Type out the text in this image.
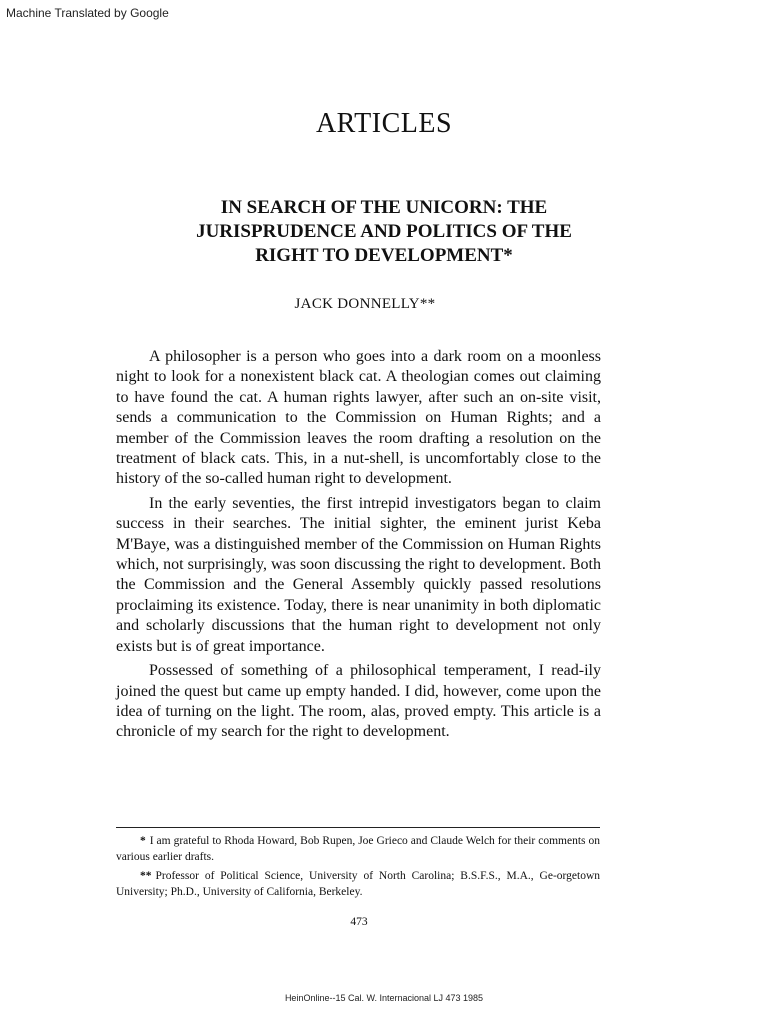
Machine Translated by Google
ARTICLES
IN SEARCH OF THE UNICORN: THE
JURISPRUDENCE AND POLITICS OF THE
RIGHT TO DEVELOPMENT*
JACK DONNELLY**

A philosopher is a person who goes into a dark room on a moonless night to look for a nonexistent black cat. A theologian comes out claiming to have found the cat. A human rights lawyer, after such an on-site visit, sends a communication to the Commission on Human Rights; and a member of the Commission leaves the room drafting a resolution on the treatment of black cats. This, in a nut-shell, is uncomfortably close to the history of the so-called human right to development.

In the early seventies, the first intrepid investigators began to claim success in their searches. The initial sighter, the eminent jurist Keba M'Baye, was a distinguished member of the Commission on Human Rights which, not surprisingly, was soon discussing the right to development. Both the Commission and the General Assembly quickly passed resolutions proclaiming its existence. Today, there is near unanimity in both diplomatic and scholarly discussions that the human right to development not only exists but is of great importance.

Possessed of something of a philosophical temperament, I read-ily joined the quest but came up empty handed. I did, however, come upon the idea of turning on the light. The room, alas, proved empty. This article is a chronicle of my search for the right to development.

* I am grateful to Rhoda Howard, Bob Rupen, Joe Grieco and Claude Welch for their comments on various earlier drafts.

** Professor of Political Science, University of North Carolina; B.S.F.S., M.A., Ge-orgetown University; Ph.D., University of California, Berkeley.

473
HeinOnline--15 Cal. W. Internacional LJ 473 1985
